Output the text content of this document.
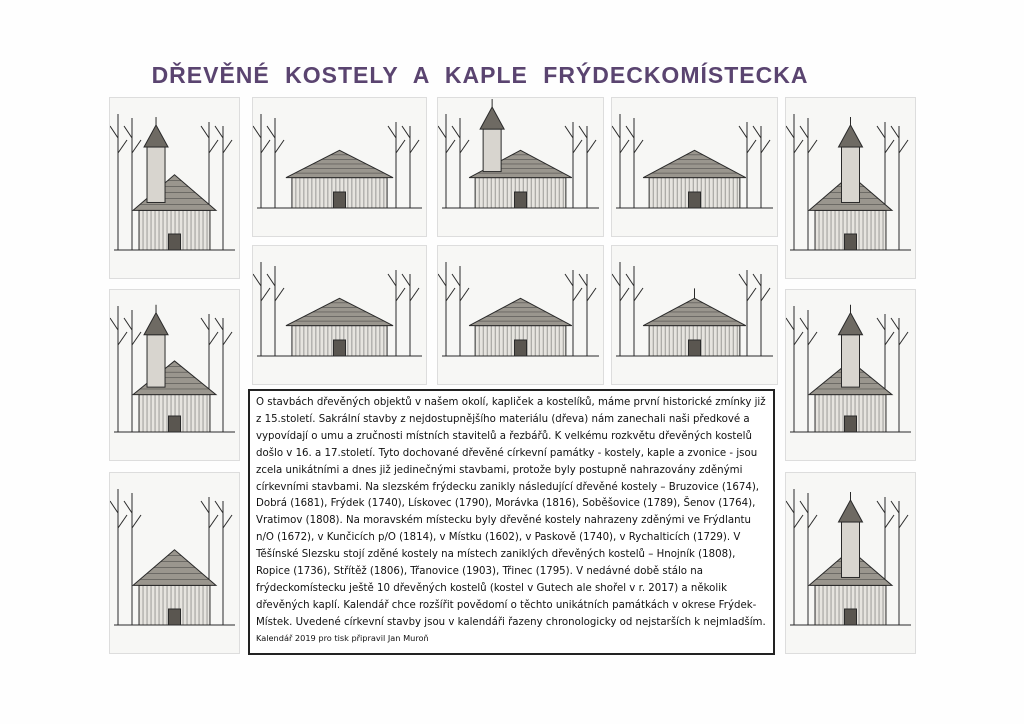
DŘEVĚNÉ KOSTELY A KAPLE FRÝDECKOMÍSTECKA

O stavbách dřevěných objektů v našem okolí, kapliček a kostelíků, máme první historické zmínky již z 15.století. Sakrální stavby z nejdostupnějšího materiálu (dřeva) nám zanechali naši předkové a vypovídají o umu a zručnosti místních stavitelů a řezbářů. K velkému rozkvětu dřevěných kostelů došlo v 16. a 17.století. Tyto dochované dřevěné církevní památky - kostely, kaple a zvonice - jsou zcela unikátními a dnes již jedinečnými stavbami, protože byly postupně nahrazovány zděnými církevními stavbami. Na slezském frýdecku zanikly následující dřevěné kostely – Bruzovice (1674), Dobrá (1681), Frýdek (1740), Lískovec (1790), Morávka (1816), Soběšovice (1789), Šenov (1764), Vratimov (1808). Na moravském místecku byly dřevěné kostely nahrazeny zděnými ve Frýdlantu n/O (1672), v Kunčicích p/O (1814), v Místku (1602), v Paskově (1740), v Rychalticích (1729). V Těšínské Slezsku stojí zděné kostely na místech zaniklých dřevěných kostelů – Hnojník (1808), Ropice (1736), Střítěž (1806), Třanovice (1903), Třinec (1795). V nedávné době stálo na frýdeckomístecku ještě 10 dřevěných kostelů (kostel v Gutech ale shořel v r. 2017) a několik dřevěných kaplí. Kalendář chce rozšířit povědomí o těchto unikátních památkách v okrese Frýdek-Místek. Uvedené církevní stavby jsou v kalendáři řazeny chronologicky od nejstarších k nejmladším.

Kalendář 2019 pro tisk připravil Jan Muroň
